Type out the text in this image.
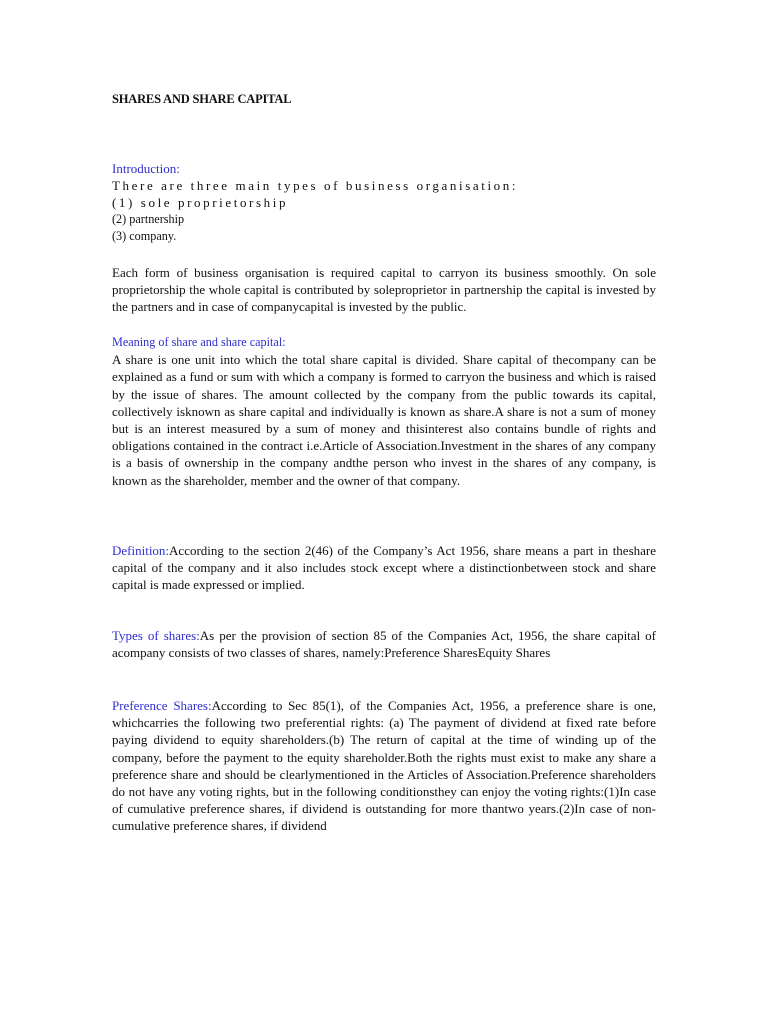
SHARES AND SHARE CAPITAL
Introduction:
There are three main types of business organisation:
(1) sole proprietorship
(2) partnership
(3) company.

Each form of business organisation is required capital to carryon its business smoothly. On sole proprietorship the whole capital is contributed by soleproprietor in partnership the capital is invested by the partners and in case of companycapital is invested by the public.

Meaning of share and share capital:

A share is one unit into which the total share capital is divided. Share capital of thecompany can be explained as a fund or sum with which a company is formed to carryon the business and which is raised by the issue of shares. The amount collected by the company from the public towards its capital, collectively isknown as share capital and individually is known as share.A share is not a sum of money but is an interest measured by a sum of money and thisinterest also contains bundle of rights and obligations contained in the contract i.e.Article of Association.Investment in the shares of any company is a basis of ownership in the company andthe person who invest in the shares of any company, is known as the shareholder, member and the owner of that company.

Definition:According to the section 2(46) of the Company’s Act 1956, share means a part in theshare capital of the company and it also includes stock except where a distinctionbetween stock and share capital is made expressed or implied.

Types of shares:As per the provision of section 85 of the Companies Act, 1956, the share capital of acompany consists of two classes of shares, namely:Preference SharesEquity Shares

Preference Shares:According to Sec 85(1), of the Companies Act, 1956, a preference share is one, whichcarries the following two preferential rights: (a) The payment of dividend at fixed rate before paying dividend to equity shareholders.(b) The return of capital at the time of winding up of the company, before the payment to the equity shareholder.Both the rights must exist to make any share a preference share and should be clearlymentioned in the Articles of Association.Preference shareholders do not have any voting rights, but in the following conditionsthey can enjoy the voting rights:(1)In case of cumulative preference shares, if dividend is outstanding for more thantwo years.(2)In case of non-cumulative preference shares, if dividend
